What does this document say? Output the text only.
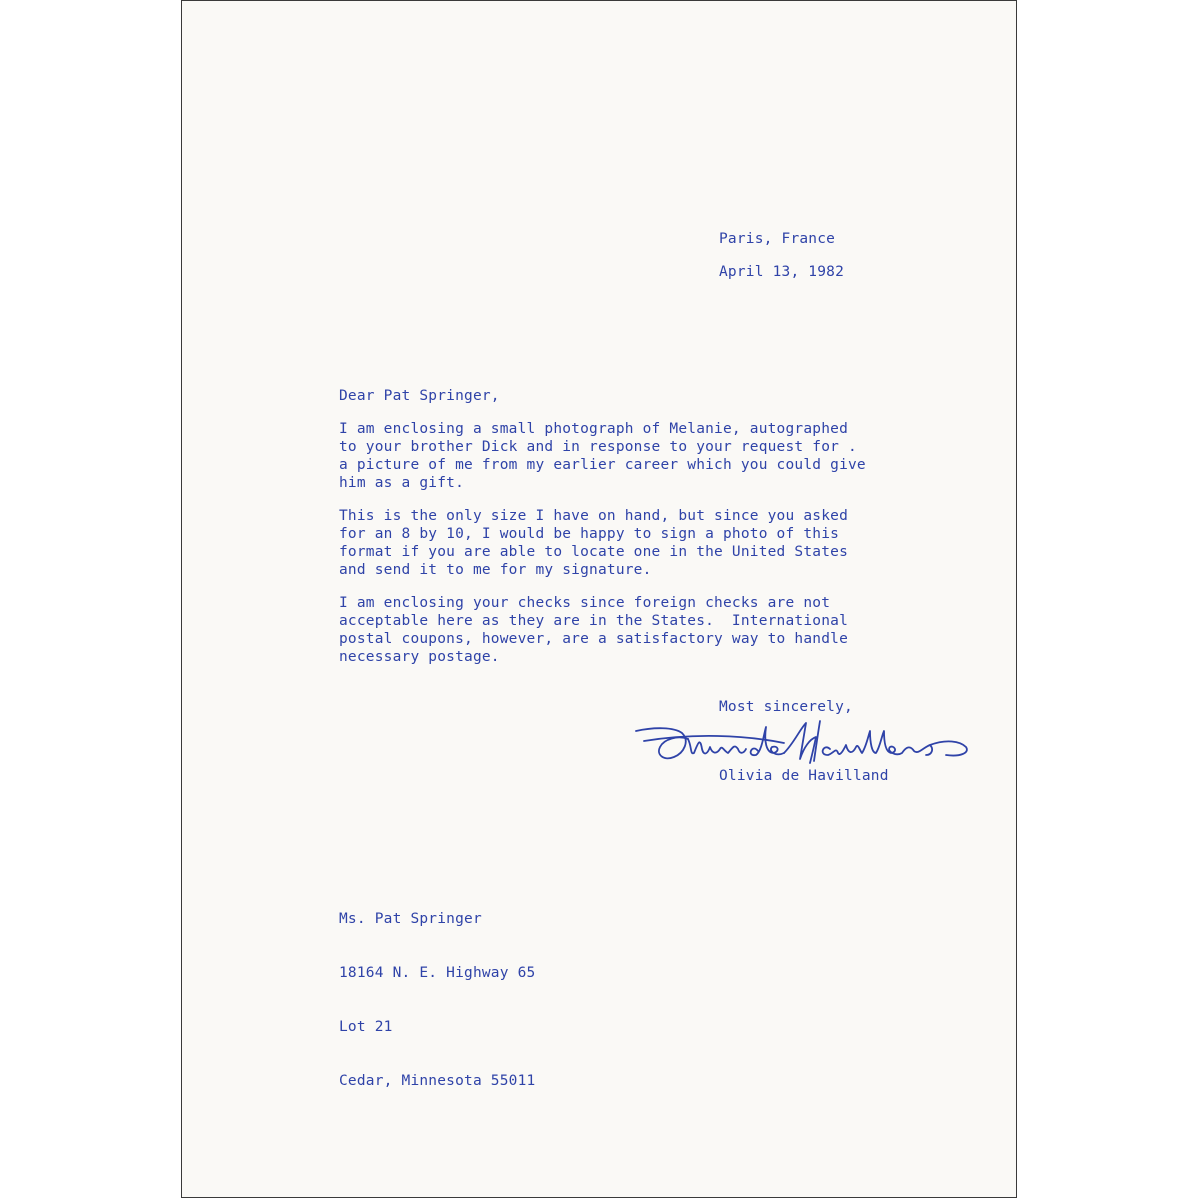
Paris, France
April 13, 1982
Dear Pat Springer,
I am enclosing a small photograph of Melanie, autographed
to your brother Dick and in response to your request for .
a picture of me from my earlier career which you could give
him as a gift.
This is the only size I have on hand, but since you asked
for an 8 by 10, I would be happy to sign a photo of this
format if you are able to locate one in the United States
and send it to me for my signature.
I am enclosing your checks since foreign checks are not
acceptable here as they are in the States.  International
postal coupons, however, are a satisfactory way to handle
necessary postage.
Most sincerely,
Olivia de Havilland

Ms. Pat Springer

18164 N. E. Highway 65

Lot 21

Cedar, Minnesota 55011
